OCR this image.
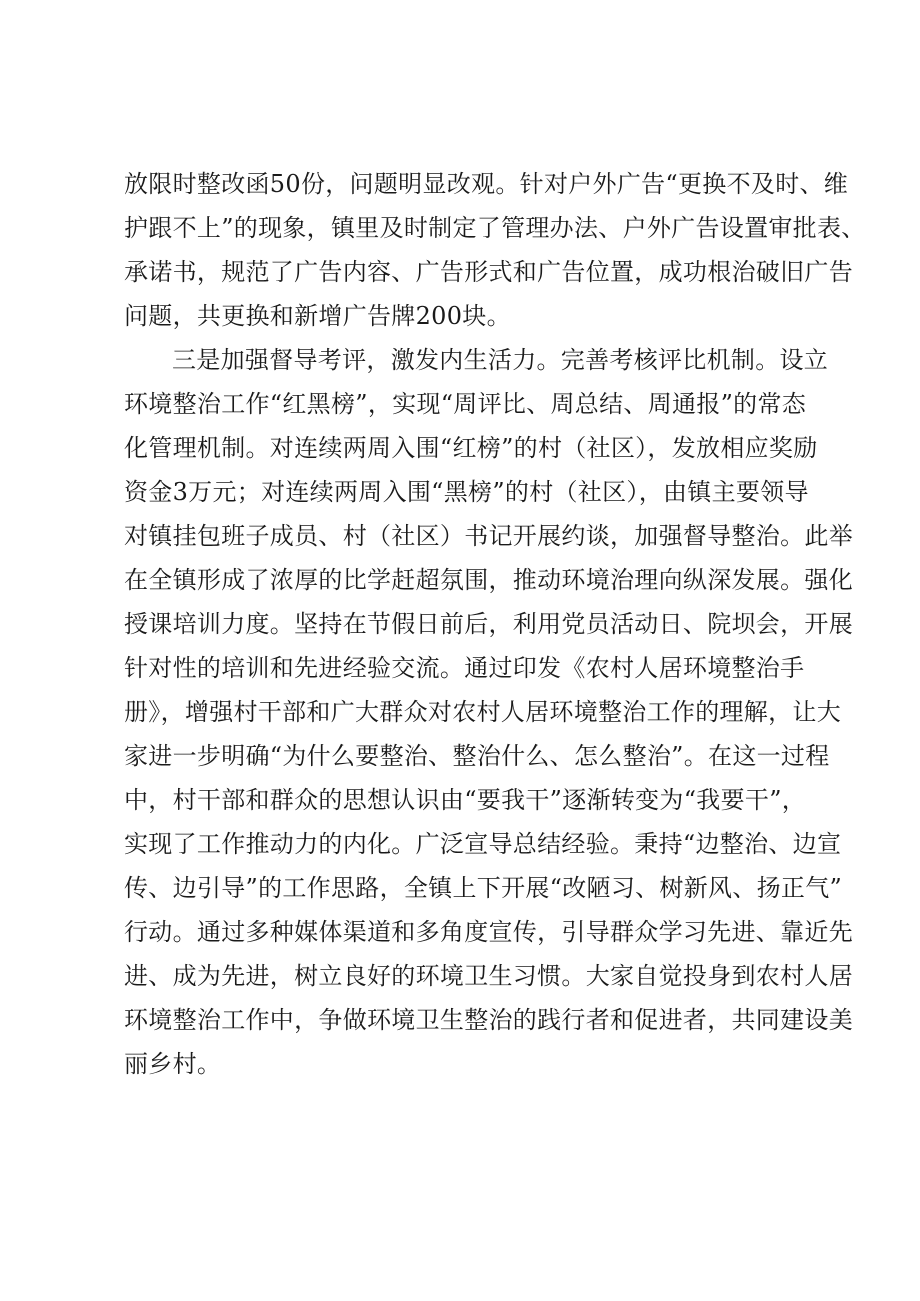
放限时整改函50份，问题明显改观。针对户外广告“更换不及时、维

护跟不上”的现象，镇里及时制定了管理办法、户外广告设置审批表、

承诺书，规范了广告内容、广告形式和广告位置，成功根治破旧广告

问题，共更换和新增广告牌200块。

三是加强督导考评，激发内生活力。完善考核评比机制。设立

环境整治工作“红黑榜”，实现“周评比、周总结、周通报”的常态

化管理机制。对连续两周入围“红榜”的村（社区），发放相应奖励

资金3万元；对连续两周入围“黑榜”的村（社区），由镇主要领导

对镇挂包班子成员、村（社区）书记开展约谈，加强督导整治。此举

在全镇形成了浓厚的比学赶超氛围，推动环境治理向纵深发展。强化

授课培训力度。坚持在节假日前后，利用党员活动日、院坝会，开展

针对性的培训和先进经验交流。通过印发《农村人居环境整治手

册》，增强村干部和广大群众对农村人居环境整治工作的理解，让大

家进一步明确“为什么要整治、整治什么、怎么整治”。在这一过程

中，村干部和群众的思想认识由“要我干”逐渐转变为“我要干”，

实现了工作推动力的内化。广泛宣导总结经验。秉持“边整治、边宣

传、边引导”的工作思路，全镇上下开展“改陋习、树新风、扬正气”

行动。通过多种媒体渠道和多角度宣传，引导群众学习先进、靠近先

进、成为先进，树立良好的环境卫生习惯。大家自觉投身到农村人居

环境整治工作中，争做环境卫生整治的践行者和促进者，共同建设美

丽乡村。
